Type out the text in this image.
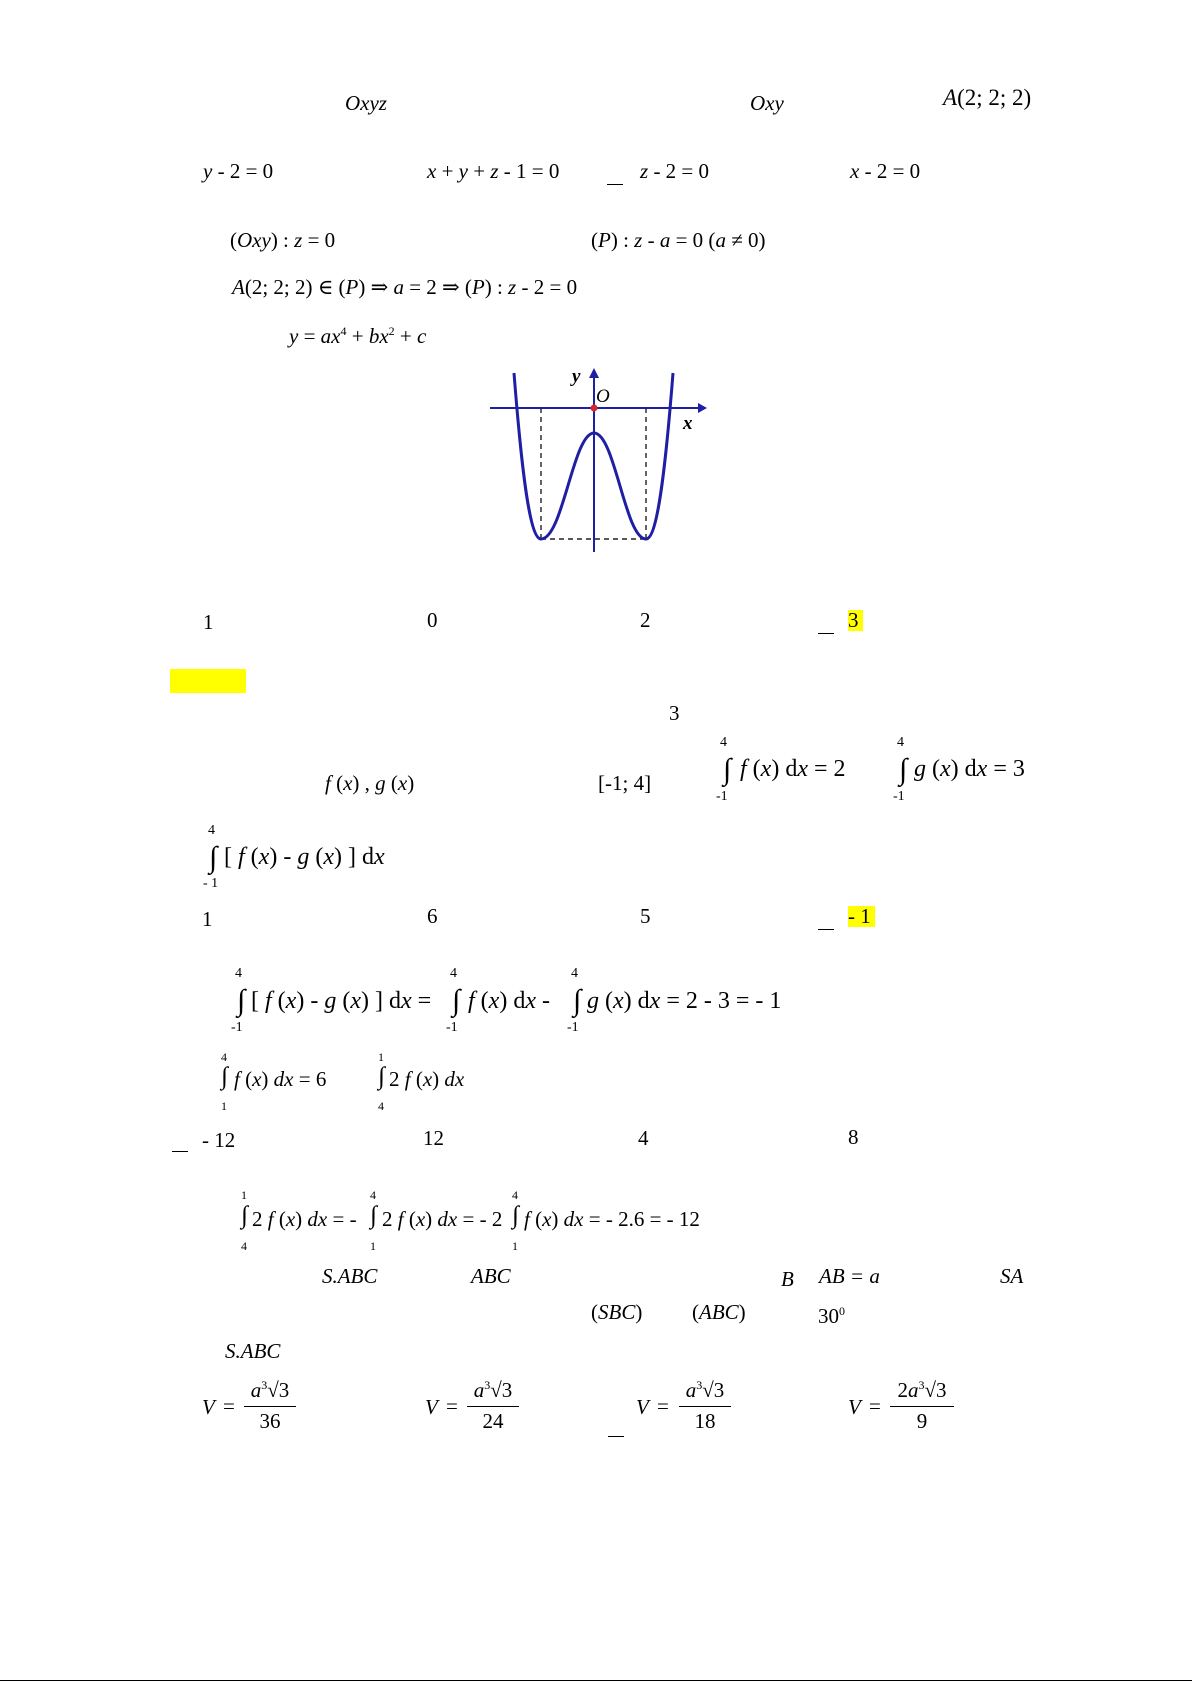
Oxyz	Oxy	A(2; 2; 2)
y - 2 = 0	x + y + z - 1 = 0	z - 2 = 0	x - 2 = 0
(Oxy) : z = 0	(P) : z - a = 0 (a ≠ 0)
A(2; 2; 2) ∈ (P) ⇒ a = 2 ⇒ (P) : z - 2 = 0
$y = ax^4 + bx^2 + c$
y
O
x
1	0	2	3
3
f (x) , g (x)	[-1; 4]
4
∫
-1
f (x) dx = 2
4
∫
-1
g (x) dx = 3
4
∫
- 1
[ f (x) - g (x) ] dx
1	6	5	- 1
4
∫
-1
[ f (x) - g (x) ] dx =
4
∫
-1
f (x) dx -
4
∫
-1
g (x) dx = 2 - 3 = - 1
4
∫
1
f (x) dx = 6
1
∫
4
2 f (x) dx
- 12	12	4	8
1
∫
4
2 f (x) dx = -
4
∫
1
2 f (x) dx = - 2
4
∫
1
f (x) dx = - 2.6 = - 12
S.ABC	ABC	B AB = a	SA
(SBC) (ABC)	$30^0$
S.ABC
V =
$a^3√3$
36
V =
$a^3√3$
24
V =
$a^3√3$
18
V =
$2a^3√3$
9
